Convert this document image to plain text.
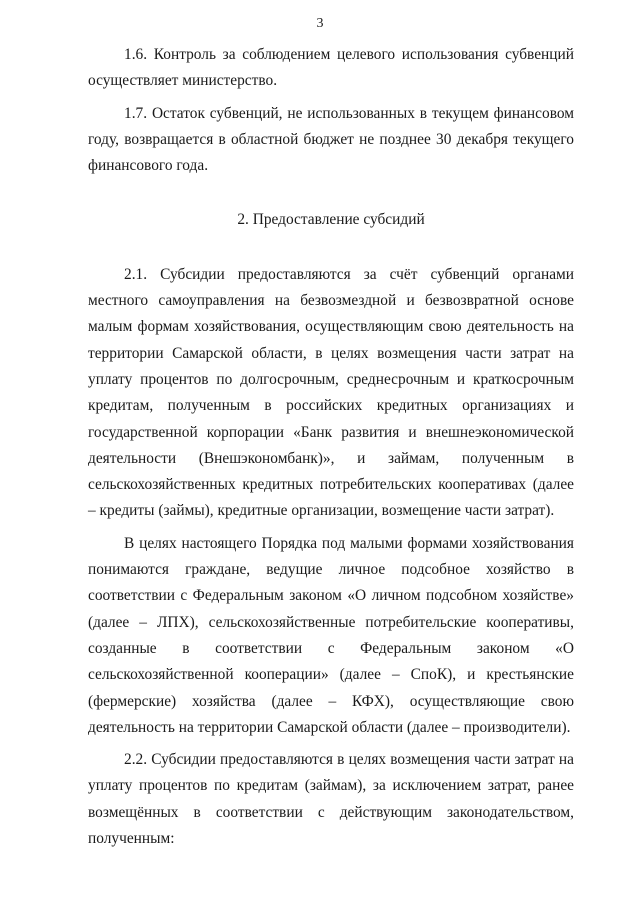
3

1.6. Контроль за соблюдением целевого использования субвенций осуществляет министерство.

1.7. Остаток субвенций, не использованных в текущем финансовом году, возвращается в областной бюджет не позднее 30 декабря текущего финансового года.

2. Предоставление субсидий

2.1. Субсидии предоставляются за счёт субвенций органами местного самоуправления на безвозмездной и безвозвратной основе малым формам хозяйствования, осуществляющим свою деятельность на территории Самарской области, в целях возмещения части затрат на уплату процентов по долгосрочным, среднесрочным и краткосрочным кредитам, полученным в российских кредитных организациях и государственной корпорации «Банк развития и внешнеэкономической деятельности (Внешэкономбанк)», и займам, полученным в сельскохозяйственных кредитных потребительских кооперативах (далее – кредиты (займы), кредитные организации, возмещение части затрат).

В целях настоящего Порядка под малыми формами хозяйствования понимаются граждане, ведущие личное подсобное хозяйство в соответствии с Федеральным законом «О личном подсобном хозяйстве» (далее – ЛПХ), сельскохозяйственные потребительские кооперативы, созданные в соответствии с Федеральным законом «О сельскохозяйственной кооперации» (далее – СпоК), и крестьянские (фермерские) хозяйства (далее – КФХ), осуществляющие свою деятельность на территории Самарской области (далее – производители).

2.2. Субсидии предоставляются в целях возмещения части затрат на уплату процентов по кредитам (займам), за исключением затрат, ранее возмещённых в соответствии с действующим законодательством, полученным:
